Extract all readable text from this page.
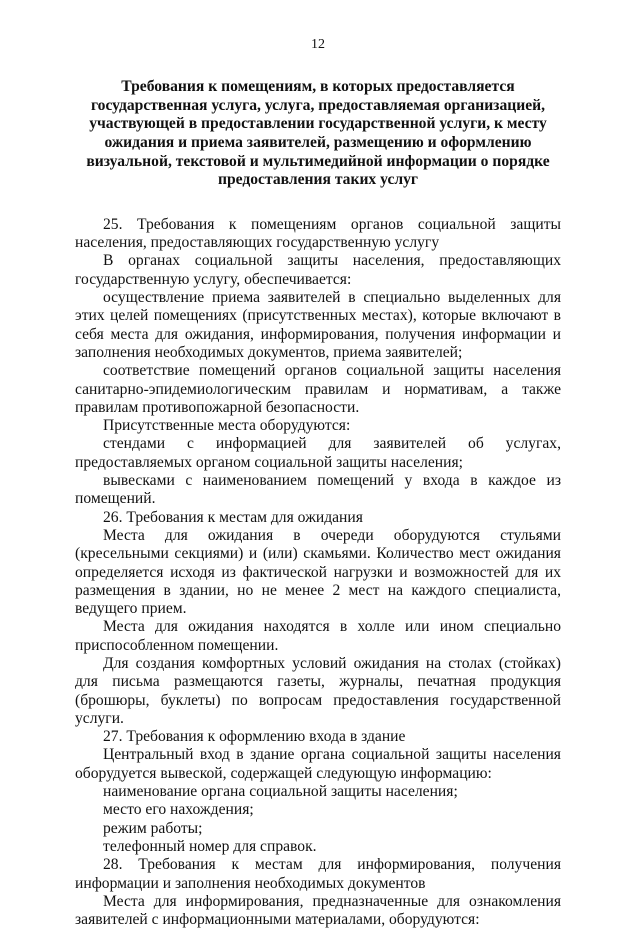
12
Требования к помещениям, в которых предоставляется государственная услуга, услуга, предоставляемая организацией, участвующей в предоставлении государственной услуги, к месту ожидания и приема заявителей, размещению и оформлению визуальной, текстовой и мультимедийной информации о порядке предоставления таких услуг

25. Требования к помещениям органов социальной защиты населения, предоставляющих государственную услугу

В органах социальной защиты населения, предоставляющих государственную услугу, обеспечивается:

осуществление приема заявителей в специально выделенных для этих целей помещениях (присутственных местах), которые включают в себя места для ожидания, информирования, получения информации и заполнения необходимых документов, приема заявителей;

соответствие помещений органов социальной защиты населения санитарно-эпидемиологическим правилам и нормативам, а также правилам противопожарной безопасности.

Присутственные места оборудуются:

стендами с информацией для заявителей об услугах, предоставляемых органом социальной защиты населения;

вывесками с наименованием помещений у входа в каждое из помещений.

26. Требования к местам для ожидания

Места для ожидания в очереди оборудуются стульями (кресельными секциями) и (или) скамьями. Количество мест ожидания определяется исходя из фактической нагрузки и возможностей для их размещения в здании, но не менее 2 мест на каждого специалиста, ведущего прием.

Места для ожидания находятся в холле или ином специально приспособленном помещении.

Для создания комфортных условий ожидания на столах (стойках) для письма размещаются газеты, журналы, печатная продукция (брошюры, буклеты) по вопросам предоставления государственной услуги.

27. Требования к оформлению входа в здание

Центральный вход в здание органа социальной защиты населения оборудуется вывеской, содержащей следующую информацию:

наименование органа социальной защиты населения;

место его нахождения;

режим работы;

телефонный номер для справок.

28. Требования к местам для информирования, получения информации и заполнения необходимых документов

Места для информирования, предназначенные для ознакомления заявителей с информационными материалами, оборудуются:
